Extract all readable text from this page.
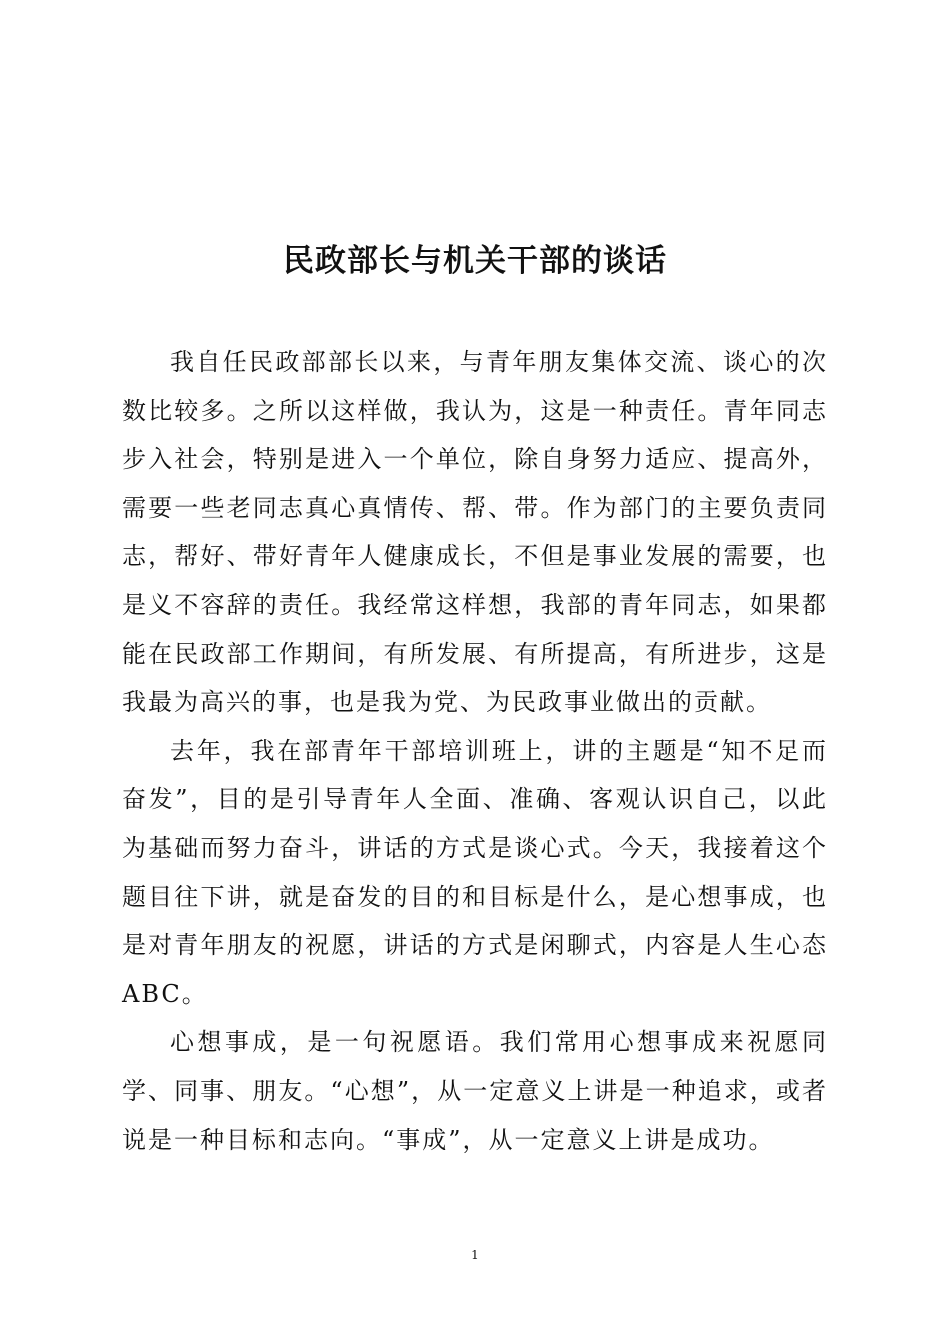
民政部长与机关干部的谈话

我自任民政部部长以来，与青年朋友集体交流、谈心的次数比较多。之所以这样做，我认为，这是一种责任。青年同志步入社会，特别是进入一个单位，除自身努力适应、提高外，需要一些老同志真心真情传、帮、带。作为部门的主要负责同志，帮好、带好青年人健康成长，不但是事业发展的需要，也是义不容辞的责任。我经常这样想，我部的青年同志，如果都能在民政部工作期间，有所发展、有所提高，有所进步，这是我最为高兴的事，也是我为党、为民政事业做出的贡献。

去年，我在部青年干部培训班上，讲的主题是“知不足而奋发”，目的是引导青年人全面、准确、客观认识自己，以此为基础而努力奋斗，讲话的方式是谈心式。今天，我接着这个题目往下讲，就是奋发的目的和目标是什么，是心想事成，也是对青年朋友的祝愿，讲话的方式是闲聊式，内容是人生心态ABC。

心想事成，是一句祝愿语。我们常用心想事成来祝愿同学、同事、朋友。“心想”，从一定意义上讲是一种追求，或者说是一种目标和志向。“事成”，从一定意义上讲是成功。

1
